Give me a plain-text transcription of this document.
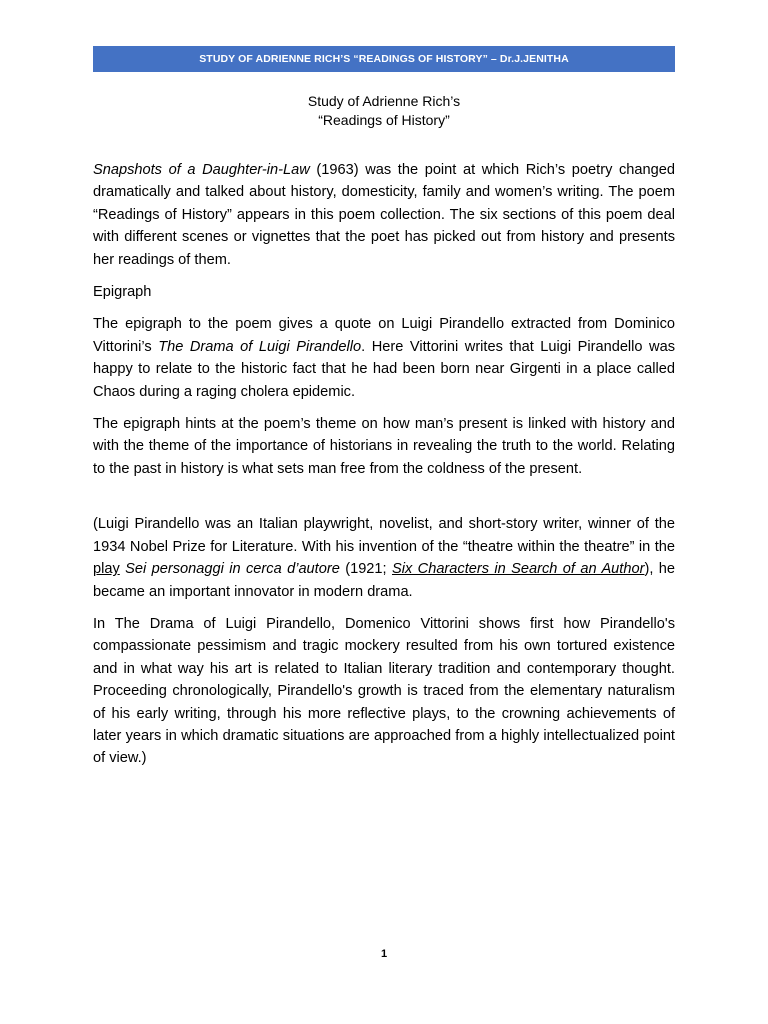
STUDY OF ADRIENNE RICH’S “READINGS OF HISTORY” – Dr.J.JENITHA
Study of Adrienne Rich’s
“Readings of History”

Snapshots of a Daughter-in-Law (1963) was the point at which Rich’s poetry changed dramatically and talked about history, domesticity, family and women’s writing. The poem “Readings of History” appears in this poem collection. The six sections of this poem deal with different scenes or vignettes that the poet has picked out from history and presents her readings of them.

Epigraph

The epigraph to the poem gives a quote on Luigi Pirandello extracted from Dominico Vittorini’s The Drama of Luigi Pirandello. Here Vittorini writes that Luigi Pirandello was happy to relate to the historic fact that he had been born near Girgenti in a place called Chaos during a raging cholera epidemic.

The epigraph hints at the poem’s theme on how man’s present is linked with history and with the theme of the importance of historians in revealing the truth to the world. Relating to the past in history is what sets man free from the coldness of the present.

(Luigi Pirandello was an Italian playwright, novelist, and short-story writer, winner of the 1934 Nobel Prize for Literature. With his invention of the “theatre within the theatre” in the play Sei personaggi in cerca d’autore (1921; Six Characters in Search of an Author), he became an important innovator in modern drama.

In The Drama of Luigi Pirandello, Domenico Vittorini shows first how Pirandello's compassionate pessimism and tragic mockery resulted from his own tortured existence and in what way his art is related to Italian literary tradition and contemporary thought. Proceeding chronologically, Pirandello's growth is traced from the elementary naturalism of his early writing, through his more reflective plays, to the crowning achievements of later years in which dramatic situations are approached from a highly intellectualized point of view.)

1
